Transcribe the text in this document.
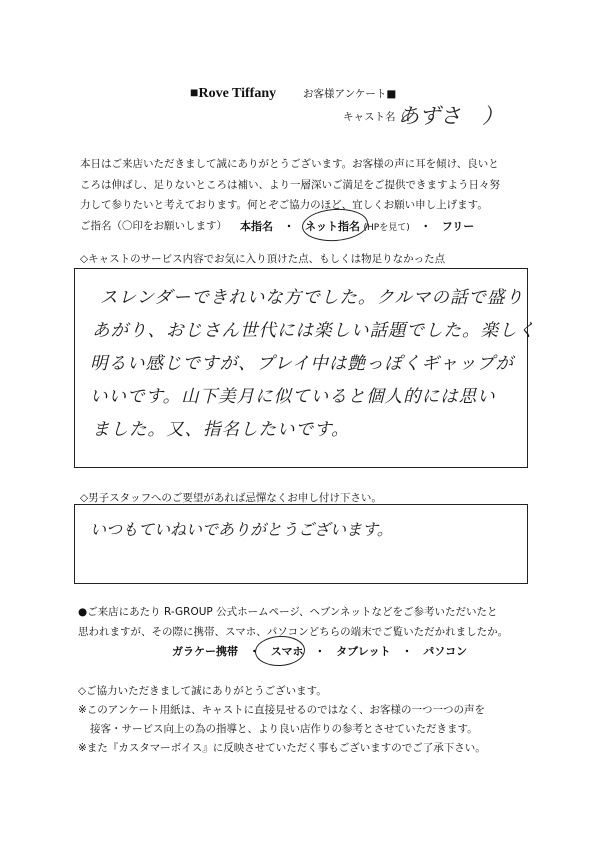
■Rove Tiffany	お客様アンケート■
キャスト名（
あずさ　）

本日はご来店いただきまして誠にありがとうございます。お客様の声に耳を傾け、良いと

ころは伸ばし、足りないところは補い、より一層深いご満足をご提供できますよう日々努

力して参りたいと考えております。何とぞご協力のほど、宜しくお願い申し上げます。

ご指名（〇印をお願いします） 本指名 ・ ネット指名 (HPを見て) ・ フリー
◇キャストのサービス内容でお気に入り頂けた点、もしくは物足りなかった点
スレンダーできれいな方でした。クルマの話で盛り
あがり、おじさん世代には楽しい話題でした。楽しく
明るい感じですが、プレイ中は艶っぽくギャップが
いいです。山下美月に似ていると個人的には思い
ました。又、指名したいです。
◇男子スタッフへのご要望があれば忌憚なくお申し付け下さい。
いつもていねいでありがとうございます。

●ご来店にあたり R-GROUP 公式ホームページ、ヘブンネットなどをご参考いただいたと

思われますが、その際に携帯、スマホ、パソコンどちらの端末でご覧いただかれましたか。

ガラケー携帯 ・ スマホ ・ タブレット ・ パソコン

◇ご協力いただきまして誠にありがとうございます。

※このアンケート用紙は、キャストに直接見せるのではなく、お客様の一つ一つの声を

接客・サービス向上の為の指導と、より良い店作りの参考とさせていただきます。

※また『カスタマーボイス』に反映させていただく事もございますのでご了承下さい。
